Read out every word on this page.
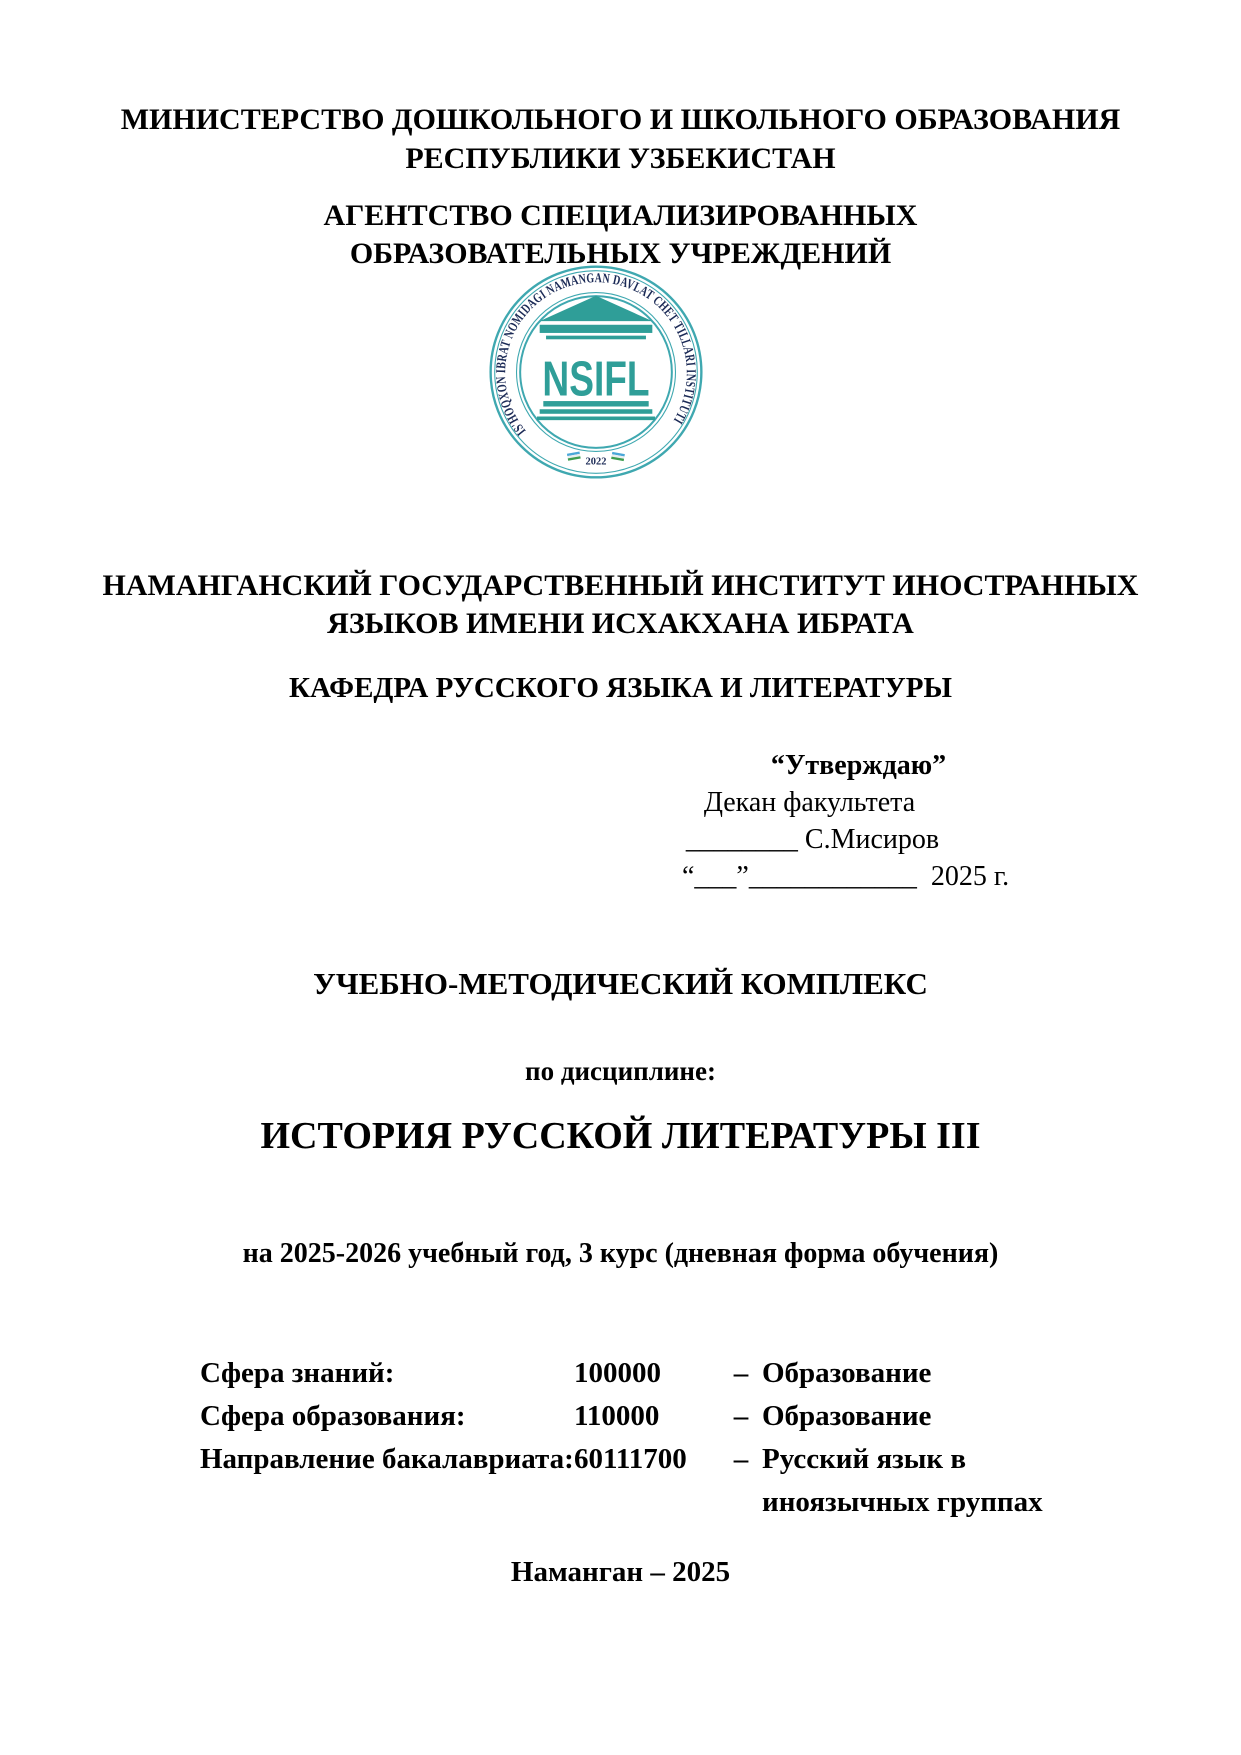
МИНИСТЕРСТВО ДОШКОЛЬНОГО И ШКОЛЬНОГО ОБРАЗОВАНИЯ
РЕСПУБЛИКИ УЗБЕКИСТАН
АГЕНТСТВО СПЕЦИАЛИЗИРОВАННЫХ
ОБРАЗОВАТЕЛЬНЫХ УЧРЕЖДЕНИЙ
IS'HOQXON IBRAT NOMIDAGI NAMANGAN DAVLAT CHET TILLARI INSTITUTI
NSIFL
2022
НАМАНГАНСКИЙ ГОСУДАРСТВЕННЫЙ ИНСТИТУТ ИНОСТРАННЫХ
ЯЗЫКОВ ИМЕНИ ИСХАКХАНА ИБРАТА
КАФЕДРА РУССКОГО ЯЗЫКА И ЛИТЕРАТУРЫ
“Утверждаю”
Декан факультета
________ С.Мисиров
“___”____________  2025 г.
УЧЕБНО-МЕТОДИЧЕСКИЙ КОМПЛЕКС
по дисциплине:
ИСТОРИЯ РУССКОЙ ЛИТЕРАТУРЫ III
на 2025-2026 учебный год, 3 курс (дневная форма обучения)
Сфера знаний:	100000	– Образование
Сфера образования:	110000	– Образование
Направление бакалавриата: 60111700	– Русский язык в иноязычных группах
Наманган – 2025
